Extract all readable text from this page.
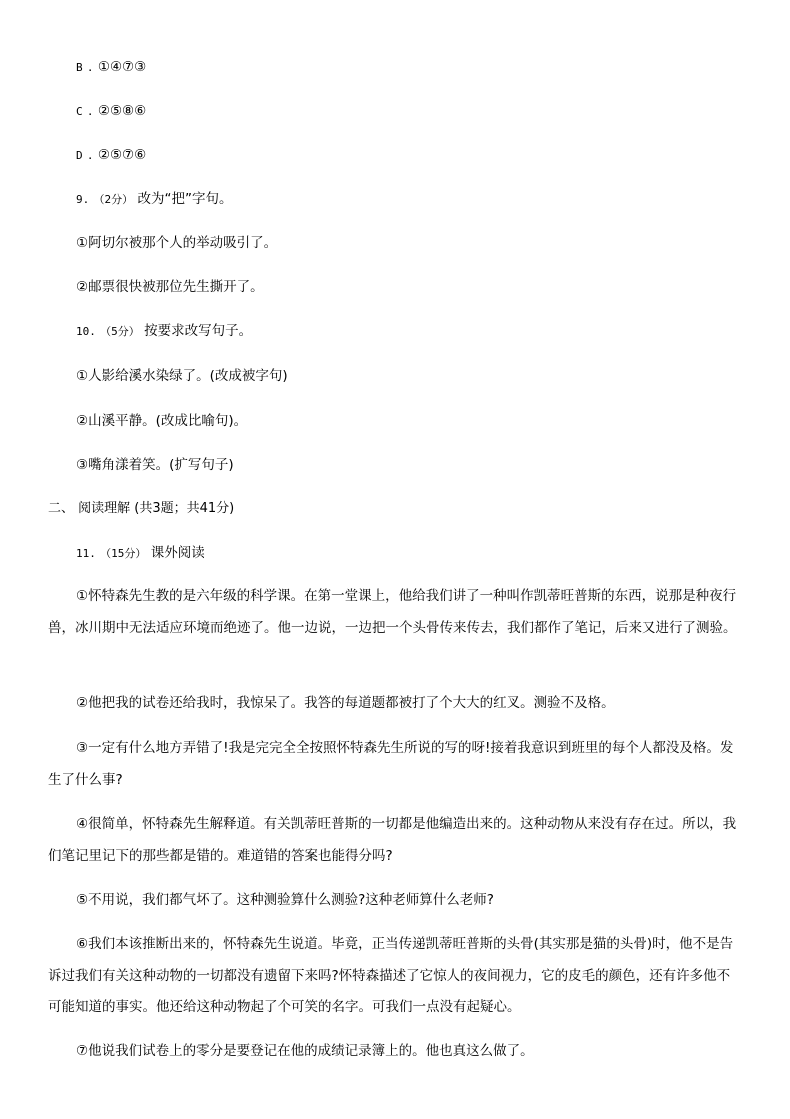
B . ①④⑦③
C . ②⑤⑧⑥
D . ②⑤⑦⑥
9. （2分） 改为“把”字句。
①阿切尔被那个人的举动吸引了。
②邮票很快被那位先生撕开了。
10. （5分） 按要求改写句子。
①人影给溪水染绿了。(改成被字句)
②山溪平静。(改成比喻句)。
③嘴角漾着笑。(扩写句子)
二、 阅读理解 (共3题；共41分)
11. （15分） 课外阅读
①怀特森先生教的是六年级的科学课。在第一堂课上，他给我们讲了一种叫作凯蒂旺普斯的东西，说那是种夜行兽，冰川期中无法适应环境而绝迹了。他一边说，一边把一个头骨传来传去，我们都作了笔记，后来又进行了测验。
②他把我的试卷还给我时，我惊呆了。我答的每道题都被打了个大大的红叉。测验不及格。
③一定有什么地方弄错了!我是完完全全按照怀特森先生所说的写的呀!接着我意识到班里的每个人都没及格。发生了什么事?
④很简单，怀特森先生解释道。有关凯蒂旺普斯的一切都是他编造出来的。这种动物从来没有存在过。所以，我们笔记里记下的那些都是错的。难道错的答案也能得分吗?
⑤不用说，我们都气坏了。这种测验算什么测验?这种老师算什么老师?
⑥我们本该推断出来的，怀特森先生说道。毕竟，正当传递凯蒂旺普斯的头骨(其实那是猫的头骨)时，他不是告诉过我们有关这种动物的一切都没有遗留下来吗?怀特森描述了它惊人的夜间视力，它的皮毛的颜色，还有许多他不可能知道的事实。他还给这种动物起了个可笑的名字。可我们一点没有起疑心。
⑦他说我们试卷上的零分是要登记在他的成绩记录簿上的。他也真这么做了。
